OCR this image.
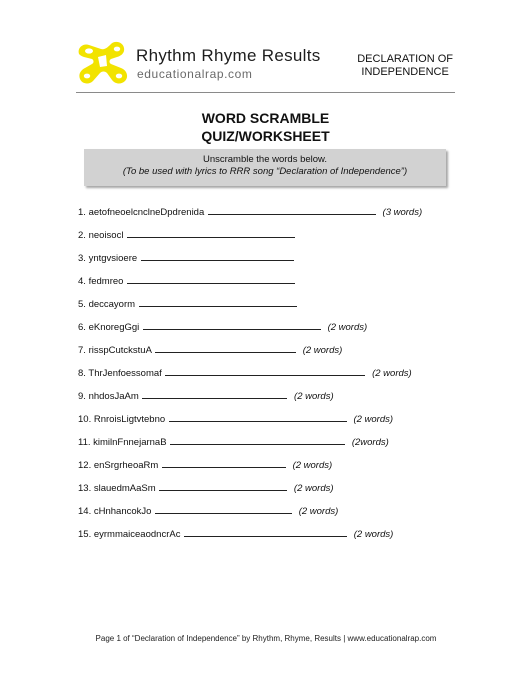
Rhythm Rhyme Results
educationalrap.com
DECLARATION OF
INDEPENDENCE
WORD SCRAMBLE
QUIZ/WORKSHEET
Unscramble the words below.
(To be used with lyrics to RRR song “Declaration of Independence”)
1. aetofneoelcnclneDpdrenida	(3 words)
2. neoisocl
3. yntgvsioere
4. fedmreo
5. deccayorm
6. eKnoregGgi	(2 words)
7. risspCutckstuA	(2 words)
8. ThrJenfoessomaf	(2 words)
9. nhdosJaAm	(2 words)
10. RnroisLigtvtebno	(2 words)
11. kimilnFnnejarnaB	(2words)
12. enSrgrheoaRm	(2 words)
13. slauedmAaSm	(2 words)
14. cHnhancokJo	(2 words)
15. eyrmmaiceaodncrAc	(2 words)
Page 1 of “Declaration of Independence” by Rhythm, Rhyme, Results | www.educationalrap.com
